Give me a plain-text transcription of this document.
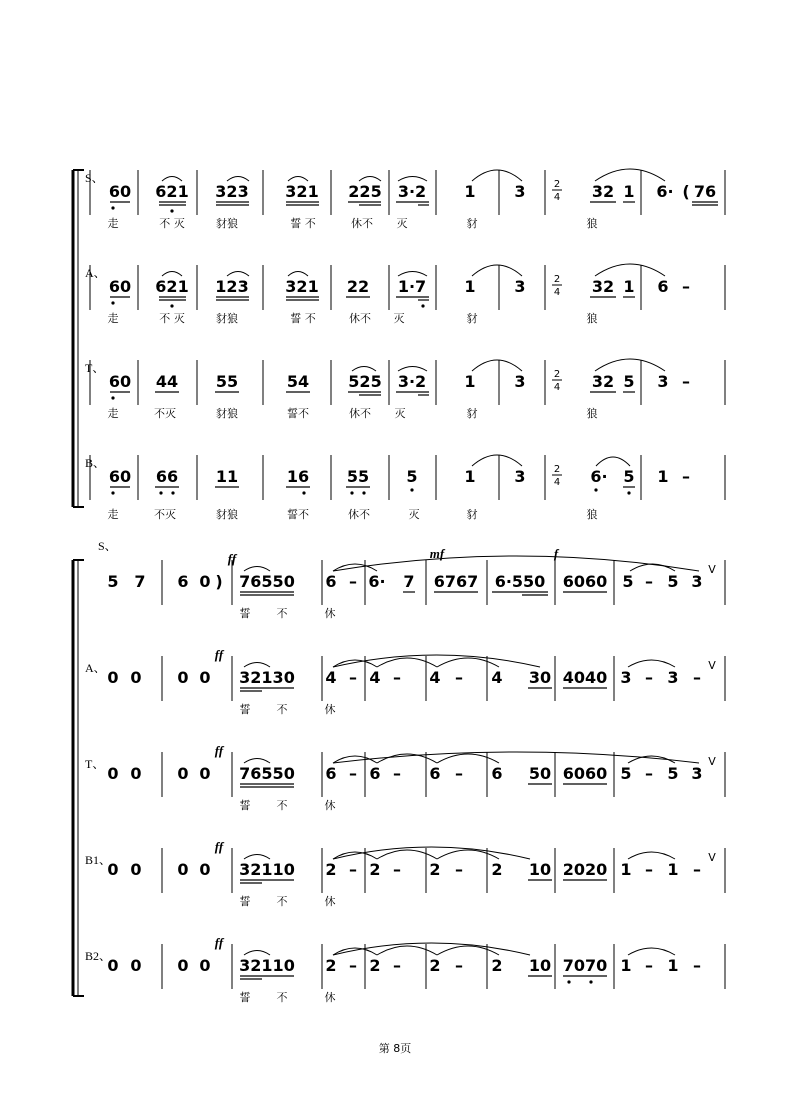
2
4
2
4
2
4
2
4
S、
60 621 323 321 225 3·2 1 3	32 1 6· ( 76
走	不 灭	豺狼	誓 不	休不 灭	豺	狼
A、
60 621 123 321 22 1·7 1 3	32 1 6 –
走	不 灭	豺狼	誓 不	休不 灭	豺	狼
T、
60 44 55	54 525 3·2 1 3	32 5 3 –
走	不灭	豺狼	誓不	休不 灭	豺	狼
B、
60 66 11	16 55 5	1 3	6· 5 1 –
走	不灭	豺狼	誓不	休不	灭	豺	狼
S、
ff	mf	f
5 7 6 0 ) 76550 6 – 6· 7 6767 6·550 6060 5 – 5 3
V
誓 不	休
A、
ff
0 0 0 0 32130 4 – 4 – 4 – 4 30 4040 3 – 3 –
V
誓 不	休
T、
ff
0 0 0 0 76550 6 – 6 – 6 – 6 50 6060 5 – 5 3
V
誓 不	休
B1、
ff
0 0 0 0 32110 2 – 2 – 2 – 2 10 2020 1 – 1 –
V
誓 不	休
B2、
ff
0 0 0 0 32110 2 – 2 – 2 – 2 10 7070 1 – 1 –
誓 不	休
第 8页
